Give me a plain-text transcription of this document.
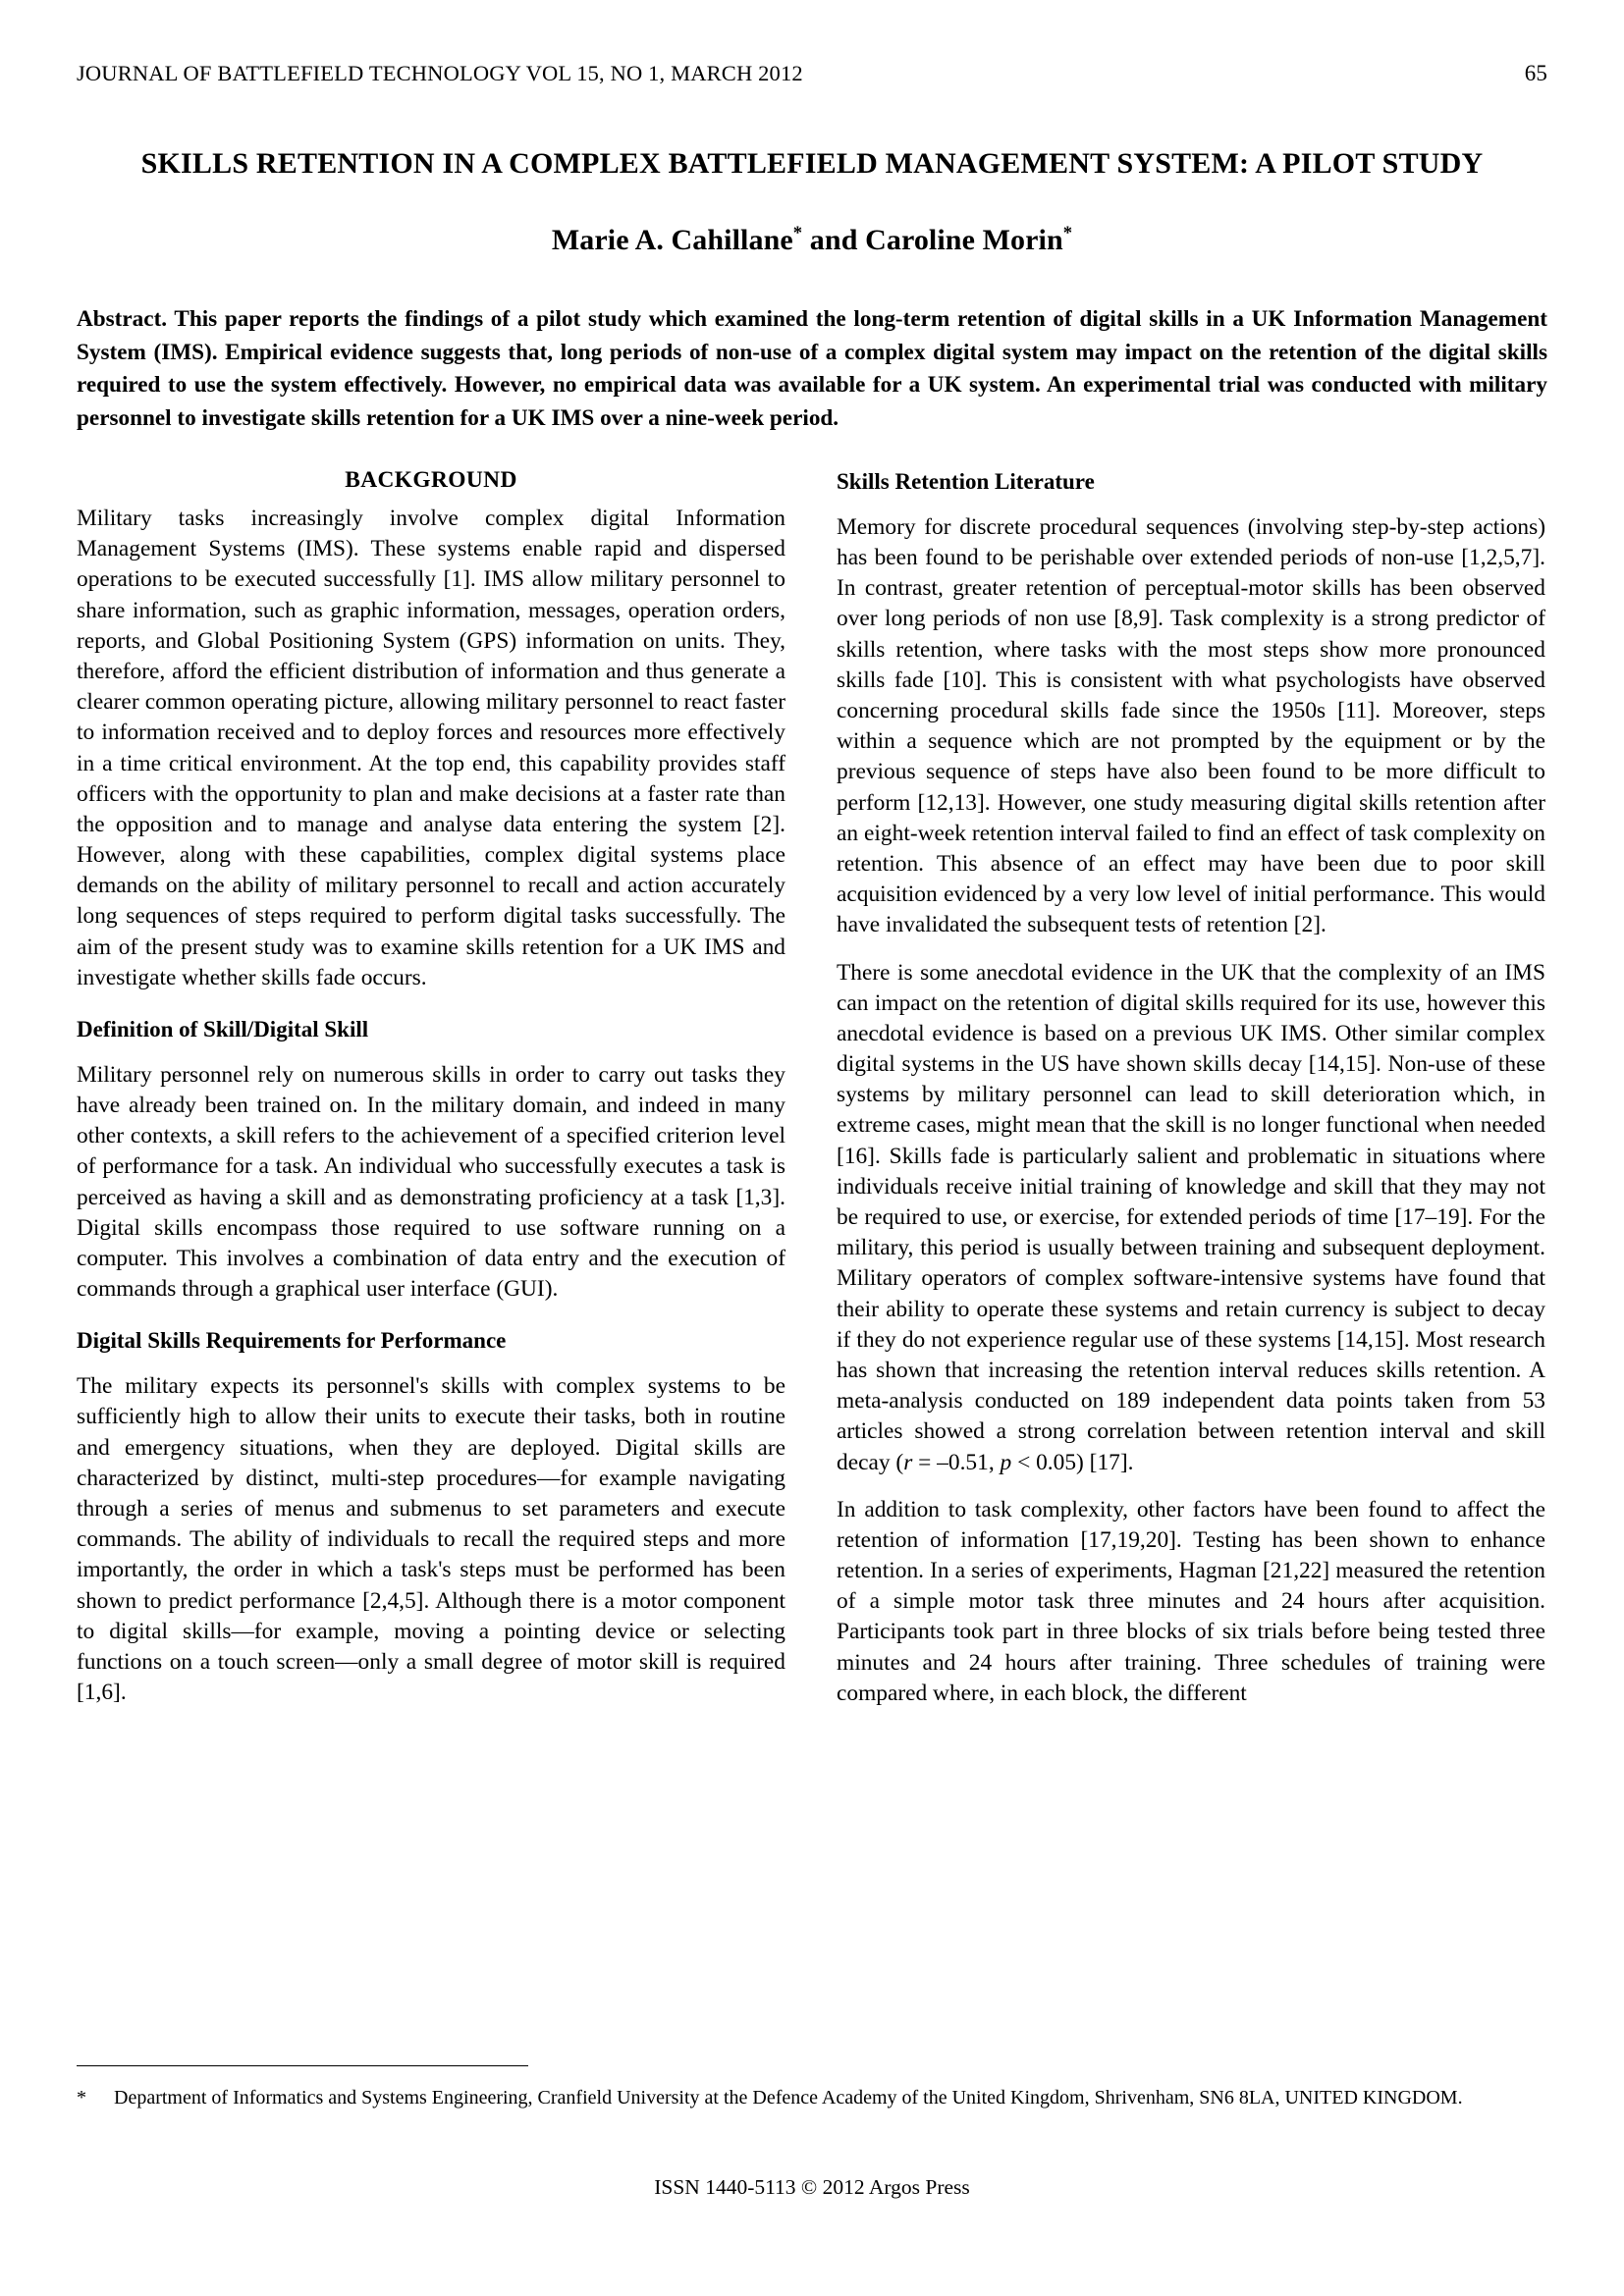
JOURNAL OF BATTLEFIELD TECHNOLOGY VOL 15, NO 1, MARCH 2012	65
SKILLS RETENTION IN A COMPLEX BATTLEFIELD MANAGEMENT SYSTEM: A PILOT STUDY
Marie A. Cahillane* and Caroline Morin*
Abstract. This paper reports the findings of a pilot study which examined the long-term retention of digital skills in a UK Information Management System (IMS). Empirical evidence suggests that, long periods of non-use of a complex digital system may impact on the retention of the digital skills required to use the system effectively. However, no empirical data was available for a UK system. An experimental trial was conducted with military personnel to investigate skills retention for a UK IMS over a nine-week period.
BACKGROUND

Military tasks increasingly involve complex digital Information Management Systems (IMS). These systems enable rapid and dispersed operations to be executed successfully [1]. IMS allow military personnel to share information, such as graphic information, messages, operation orders, reports, and Global Positioning System (GPS) information on units. They, therefore, afford the efficient distribution of information and thus generate a clearer common operating picture, allowing military personnel to react faster to information received and to deploy forces and resources more effectively in a time critical environment. At the top end, this capability provides staff officers with the opportunity to plan and make decisions at a faster rate than the opposition and to manage and analyse data entering the system [2]. However, along with these capabilities, complex digital systems place demands on the ability of military personnel to recall and action accurately long sequences of steps required to perform digital tasks successfully. The aim of the present study was to examine skills retention for a UK IMS and investigate whether skills fade occurs.

Definition of Skill/Digital Skill

Military personnel rely on numerous skills in order to carry out tasks they have already been trained on. In the military domain, and indeed in many other contexts, a skill refers to the achievement of a specified criterion level of performance for a task. An individual who successfully executes a task is perceived as having a skill and as demonstrating proficiency at a task [1,3]. Digital skills encompass those required to use software running on a computer. This involves a combination of data entry and the execution of commands through a graphical user interface (GUI).

Digital Skills Requirements for Performance

The military expects its personnel's skills with complex systems to be sufficiently high to allow their units to execute their tasks, both in routine and emergency situations, when they are deployed. Digital skills are characterized by distinct, multi-step procedures—for example navigating through a series of menus and submenus to set parameters and execute commands. The ability of individuals to recall the required steps and more importantly, the order in which a task's steps must be performed has been shown to predict performance [2,4,5]. Although there is a motor component to digital skills—for example, moving a pointing device or selecting functions on a touch screen—only a small degree of motor skill is required [1,6].

Skills Retention Literature

Memory for discrete procedural sequences (involving step-by-step actions) has been found to be perishable over extended periods of non-use [1,2,5,7]. In contrast, greater retention of perceptual-motor skills has been observed over long periods of non use [8,9]. Task complexity is a strong predictor of skills retention, where tasks with the most steps show more pronounced skills fade [10]. This is consistent with what psychologists have observed concerning procedural skills fade since the 1950s [11]. Moreover, steps within a sequence which are not prompted by the equipment or by the previous sequence of steps have also been found to be more difficult to perform [12,13]. However, one study measuring digital skills retention after an eight-week retention interval failed to find an effect of task complexity on retention. This absence of an effect may have been due to poor skill acquisition evidenced by a very low level of initial performance. This would have invalidated the subsequent tests of retention [2].

There is some anecdotal evidence in the UK that the complexity of an IMS can impact on the retention of digital skills required for its use, however this anecdotal evidence is based on a previous UK IMS. Other similar complex digital systems in the US have shown skills decay [14,15]. Non-use of these systems by military personnel can lead to skill deterioration which, in extreme cases, might mean that the skill is no longer functional when needed [16]. Skills fade is particularly salient and problematic in situations where individuals receive initial training of knowledge and skill that they may not be required to use, or exercise, for extended periods of time [17–19]. For the military, this period is usually between training and subsequent deployment. Military operators of complex software-intensive systems have found that their ability to operate these systems and retain currency is subject to decay if they do not experience regular use of these systems [14,15]. Most research has shown that increasing the retention interval reduces skills retention. A meta-analysis conducted on 189 independent data points taken from 53 articles showed a strong correlation between retention interval and skill decay (r = –0.51, p < 0.05) [17].

In addition to task complexity, other factors have been found to affect the retention of information [17,19,20]. Testing has been shown to enhance retention. In a series of experiments, Hagman [21,22] measured the retention of a simple motor task three minutes and 24 hours after acquisition. Participants took part in three blocks of six trials before being tested three minutes and 24 hours after training. Three schedules of training were compared where, in each block, the different

*	Department of Informatics and Systems Engineering, Cranfield University at the Defence Academy of the United Kingdom, Shrivenham, SN6 8LA, UNITED KINGDOM.
ISSN 1440-5113 © 2012 Argos Press
